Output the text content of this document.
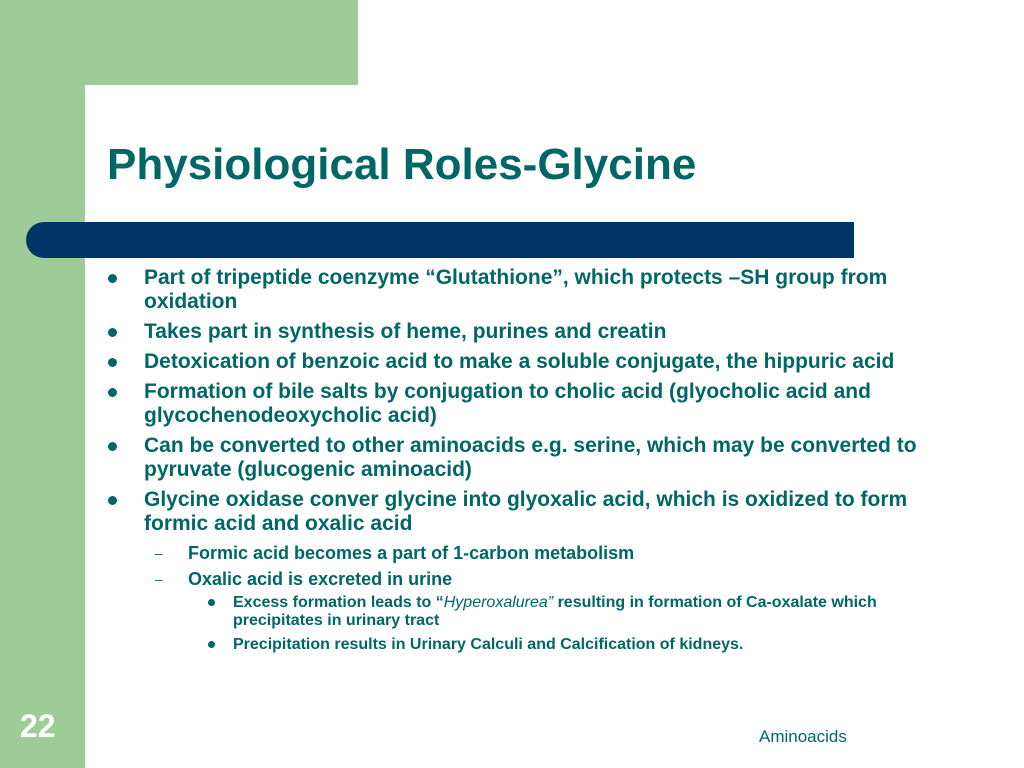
Physiological Roles-Glycine
Part of tripeptide coenzyme “Glutathione”, which protects –SH group from oxidation
Takes part in synthesis of heme, purines and creatin
Detoxication of benzoic acid to make a soluble conjugate, the hippuric acid
Formation of bile salts by conjugation to cholic acid (glyocholic acid and glycochenodeoxycholic acid)
Can be converted to other aminoacids e.g. serine, which may be converted to pyruvate (glucogenic aminoacid)
Glycine oxidase conver glycine into glyoxalic acid, which is oxidized to form formic acid and oxalic acid
– Formic acid becomes a part of 1-carbon metabolism
– Oxalic acid is excreted in urine
Excess formation leads to “Hyperoxalurea” resulting in formation of Ca-oxalate which precipitates in urinary tract
Precipitation results in Urinary Calculi and Calcification of kidneys.
22	Aminoacids
